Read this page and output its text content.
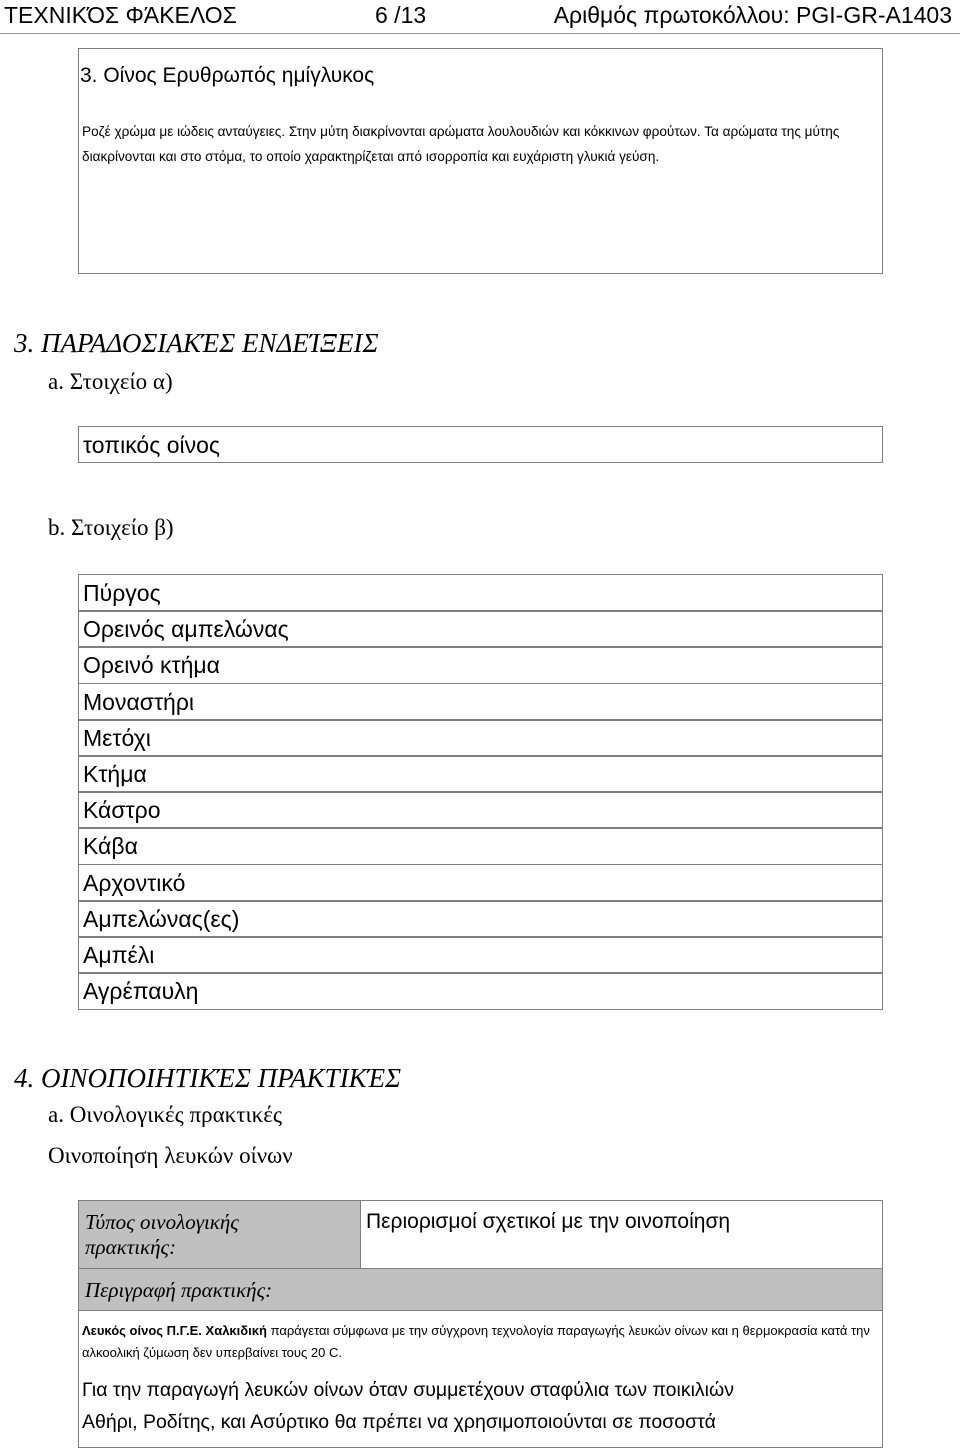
ΤΕΧΝΙΚΌΣ ΦΆΚΕΛΟΣ	6 /13	Αριθμός πρωτοκόλλου: PGI-GR-A1403
3. Οίνος Ερυθρωπός ημίγλυκος
Ροζέ χρώμα με ιώδεις ανταύγειες. Στην μύτη διακρίνονται αρώματα λουλουδιών και κόκκινων φρούτων. Τα αρώματα της μύτης διακρίνονται και στο στόμα, το οποίο χαρακτηρίζεται από ισορροπία και ευχάριστη γλυκιά γεύση.
3. ΠΑΡΑΔΟΣΙΑΚΈΣ ΕΝΔΕΊΞΕΙΣ
a. Στοιχείο α)
τοπικός οίνος
b. Στοιχείο β)
Πύργος
Ορεινός αμπελώνας
Ορεινό κτήμα
Μοναστήρι
Μετόχι
Κτήμα
Κάστρο
Κάβα
Αρχοντικό
Αμπελώνας(ες)
Αμπέλι
Αγρέπαυλη
4. ΟΙΝΟΠΟΙΗΤΙΚΈΣ ΠΡΑΚΤΙΚΈΣ
a. Οινολογικές πρακτικές
Οινοποίηση λευκών οίνων
Τύπος οινολογικής πρακτικής:
Περιορισμοί σχετικοί με την οινοποίηση
Περιγραφή πρακτικής:
Λευκός οίνος Π.Γ.Ε. Χαλκιδική παράγεται σύμφωνα με την σύγχρονη τεχνολογία παραγωγής λευκών οίνων και η θερμοκρασία κατά την αλκοολική ζύμωση δεν υπερβαίνει τους 20 C.
Για την παραγωγή λευκών οίνων όταν συμμετέχουν σταφύλια των ποικιλιών
Αθήρι, Ροδίτης, και Ασύρτικο θα πρέπει να χρησιμοποιούνται σε ποσοστά
